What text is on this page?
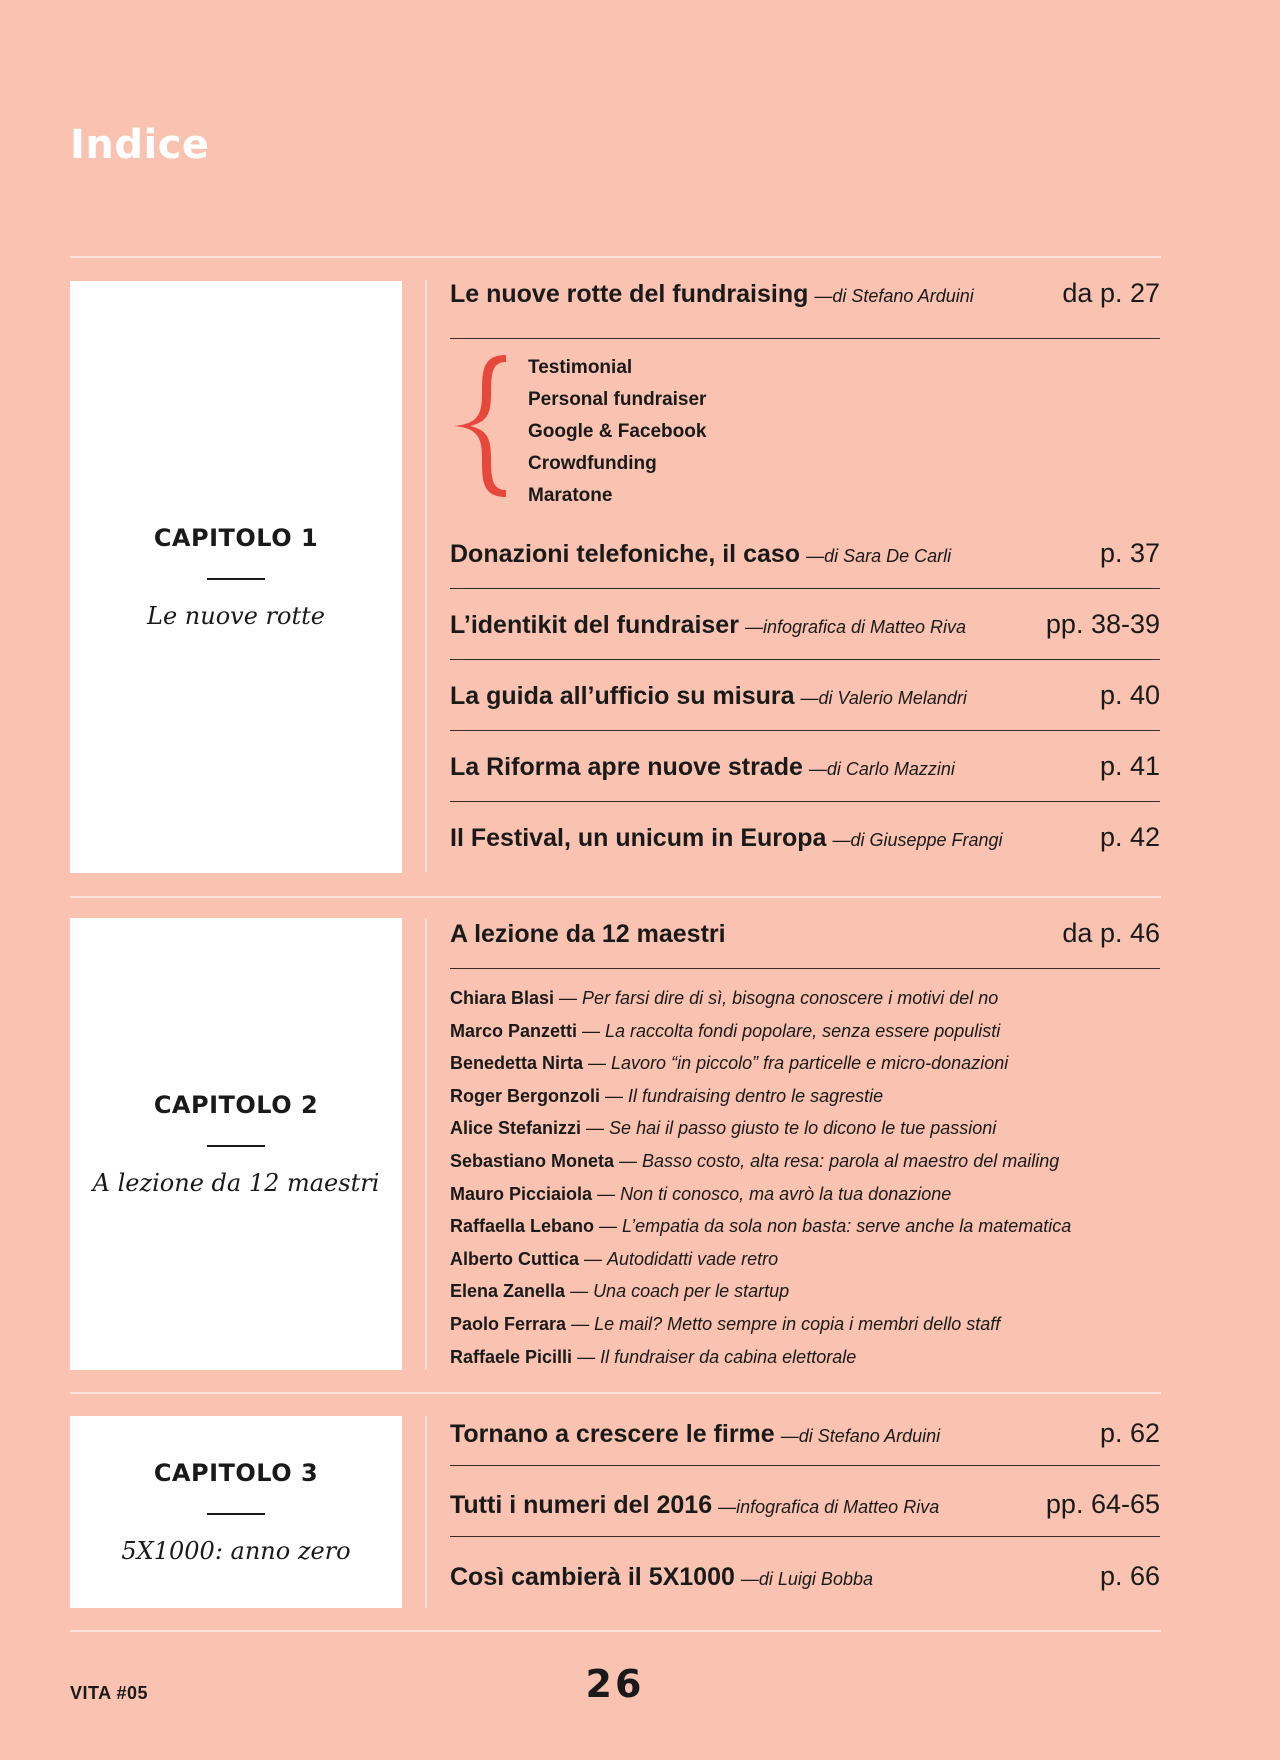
Indice
CAPITOLO 1
Le nuove rotte
Le nuove rotte del fundraising —di Stefano Arduini	da p. 27
Testimonial
Personal fundraiser
Google & Facebook
Crowdfunding
Maratone
Donazioni telefoniche, il caso —di Sara De Carli	p. 37
L’identikit del fundraiser —infografica di Matteo Riva	pp. 38-39
La guida all’ufficio su misura —di Valerio Melandri	p. 40
La Riforma apre nuove strade —di Carlo Mazzini	p. 41
Il Festival, un unicum in Europa —di Giuseppe Frangi	p. 42
CAPITOLO 2
A lezione da 12 maestri
A lezione da 12 maestri	da p. 46
Chiara Blasi — Per farsi dire di sì, bisogna conoscere i motivi del no
Marco Panzetti — La raccolta fondi popolare, senza essere populisti
Benedetta Nirta — Lavoro “in piccolo” fra particelle e micro-donazioni
Roger Bergonzoli — Il fundraising dentro le sagrestie
Alice Stefanizzi — Se hai il passo giusto te lo dicono le tue passioni
Sebastiano Moneta — Basso costo, alta resa: parola al maestro del mailing
Mauro Picciaiola — Non ti conosco, ma avrò la tua donazione
Raffaella Lebano — L’empatia da sola non basta: serve anche la matematica
Alberto Cuttica — Autodidatti vade retro
Elena Zanella — Una coach per le startup
Paolo Ferrara — Le mail? Metto sempre in copia i membri dello staff
Raffaele Picilli — Il fundraiser da cabina elettorale
CAPITOLO 3
5X1000: anno zero
Tornano a crescere le firme —di Stefano Arduini	p. 62
Tutti i numeri del 2016 —infografica di Matteo Riva	pp. 64-65
Così cambierà il 5X1000 —di Luigi Bobba	p. 66
VITA #05	26
